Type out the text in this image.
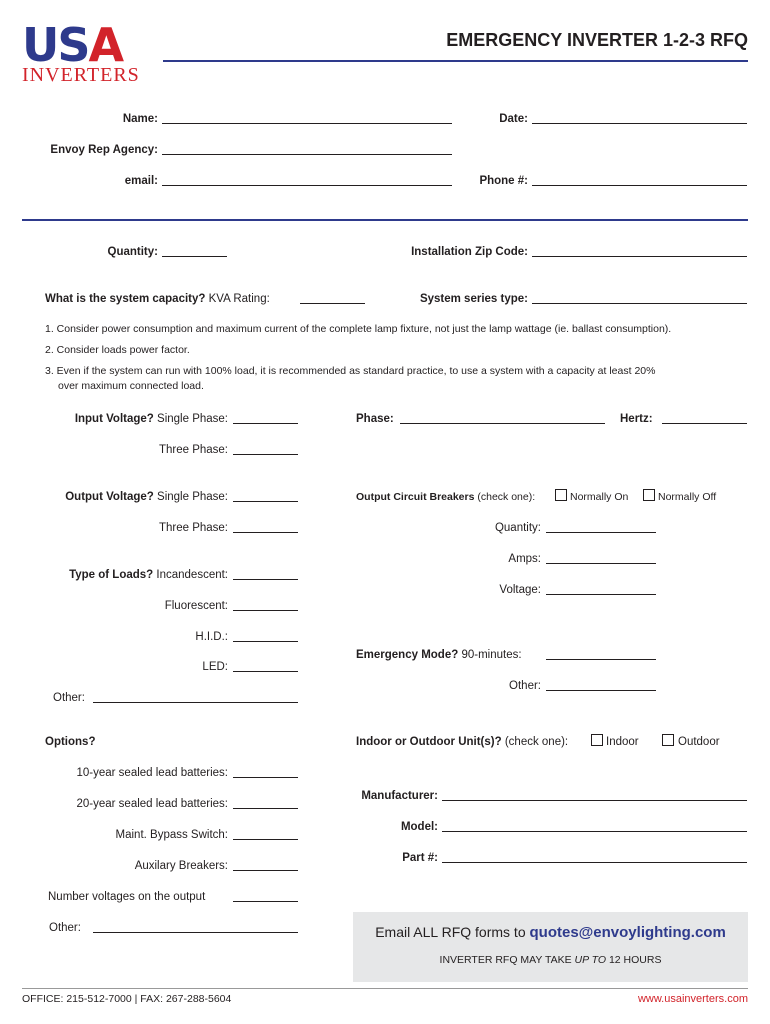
USA
INVERTERS
EMERGENCY INVERTER 1-2-3 RFQ
Name:	Date:
Envoy Rep Agency:
email:	Phone #:
Quantity:	Installation Zip Code:
What is the system capacity? KVA Rating:	System series type:
1. Consider power consumption and maximum current of the complete lamp fixture, not just the lamp wattage (ie. ballast consumption).
2. Consider loads power factor.
3. Even if the system can run with 100% load, it is recommended as standard practice, to use a system with a capacity at least 20%
over maximum connected load.
Input Voltage? Single Phase:	Phase:	Hertz:
Three Phase:
Output Voltage? Single Phase:	Output Circuit Breakers (check one):	Normally On	Normally Off
Three Phase:	Quantity:
Amps:
Voltage:
Type of Loads? Incandescent:
Fluorescent:
H.I.D.:
LED:
Other:
Emergency Mode? 90-minutes:
Other:
Options?
10-year sealed lead batteries:
20-year sealed lead batteries:
Maint. Bypass Switch:
Auxilary Breakers:
Number voltages on the output
Other:
Indoor or Outdoor Unit(s)? (check one):	Indoor	Outdoor
Manufacturer:
Model:
Part #:
Email ALL RFQ forms to quotes@envoylighting.com
INVERTER RFQ MAY TAKE UP TO 12 HOURS
OFFICE: 215-512-7000 | FAX: 267-288-5604	www.usainverters.com
